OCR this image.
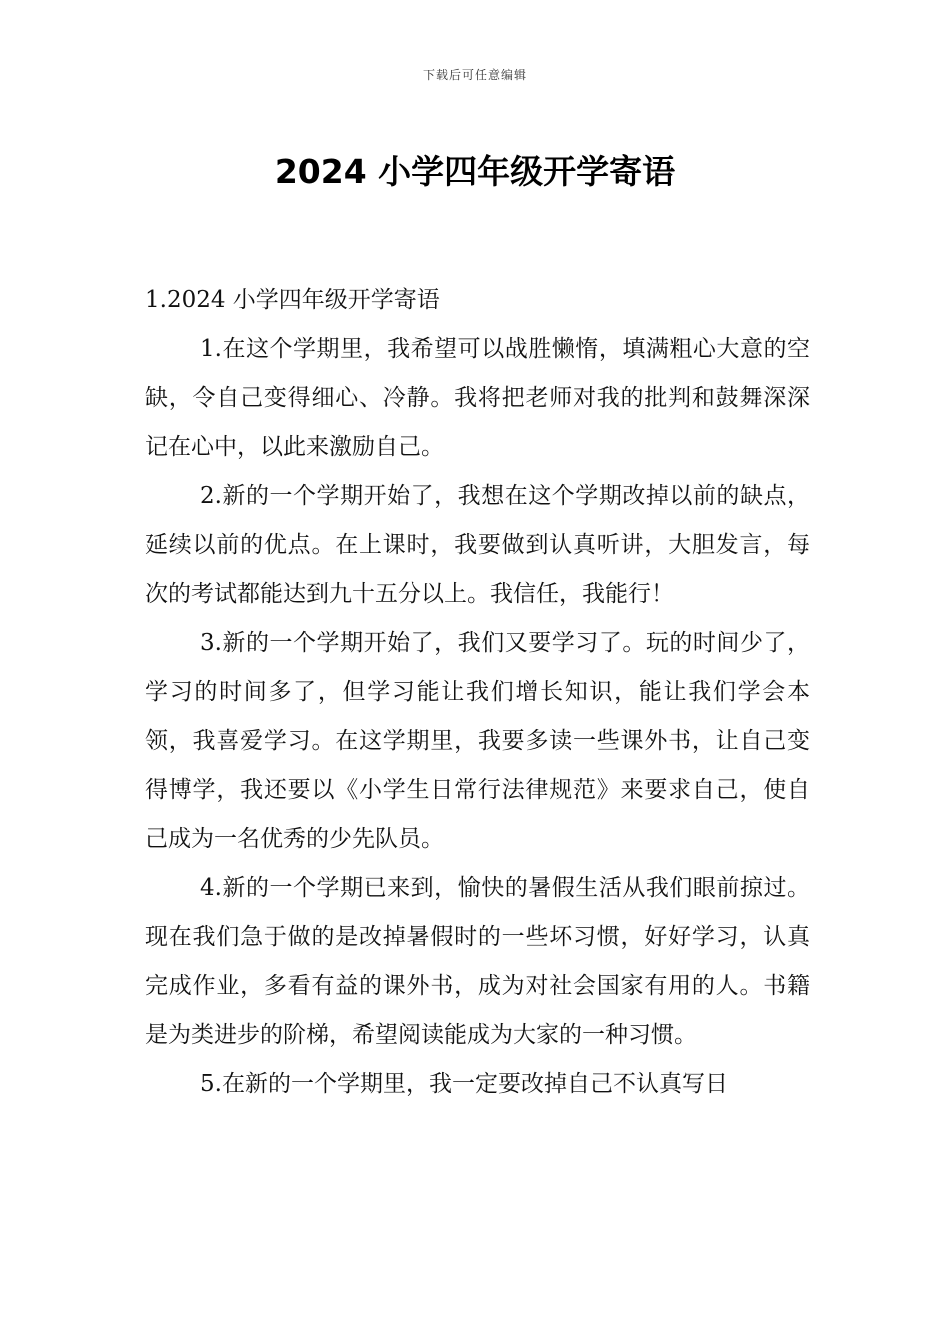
下载后可任意编辑
2024 小学四年级开学寄语

1.2024 小学四年级开学寄语

1.在这个学期里，我希望可以战胜懒惰，填满粗心大意的空缺，令自己变得细心、冷静。我将把老师对我的批判和鼓舞深深记在心中，以此来激励自己。

2.新的一个学期开始了，我想在这个学期改掉以前的缺点，延续以前的优点。在上课时，我要做到认真听讲，大胆发言，每次的考试都能达到九十五分以上。我信任，我能行！

3.新的一个学期开始了，我们又要学习了。玩的时间少了，学习的时间多了，但学习能让我们增长知识，能让我们学会本领，我喜爱学习。在这学期里，我要多读一些课外书，让自己变得博学，我还要以《小学生日常行法律规范》来要求自己，使自己成为一名优秀的少先队员。

4.新的一个学期已来到，愉快的暑假生活从我们眼前掠过。现在我们急于做的是改掉暑假时的一些坏习惯，好好学习，认真完成作业，多看有益的课外书，成为对社会国家有用的人。书籍是为类进步的阶梯，希望阅读能成为大家的一种习惯。

5.在新的一个学期里，我一定要改掉自己不认真写日
